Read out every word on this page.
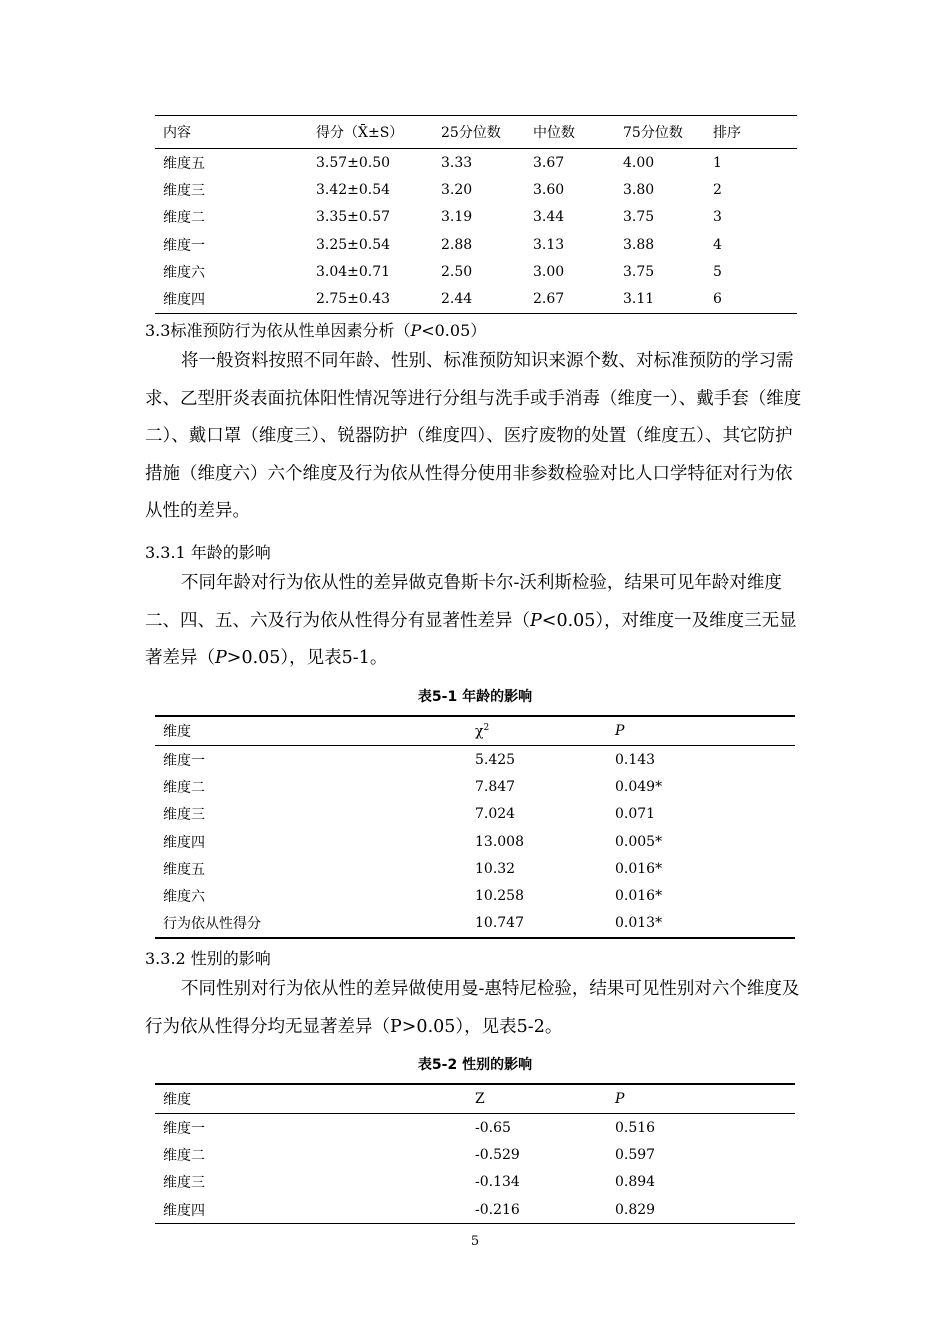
内容	得分（X̄±S）	25分位数	中位数	75分位数	排序
维度五	3.57±0.50	3.33	3.67	4.00	1
维度三	3.42±0.54	3.20	3.60	3.80	2
维度二	3.35±0.57	3.19	3.44	3.75	3
维度一	3.25±0.54	2.88	3.13	3.88	4
维度六	3.04±0.71	2.50	3.00	3.75	5
维度四	2.75±0.43	2.44	2.67	3.11	6

3.3标准预防行为依从性单因素分析（P<0.05）

将一般资料按照不同年龄、性别、标准预防知识来源个数、对标准预防的学习需求、乙型肝炎表面抗体阳性情况等进行分组与洗手或手消毒（维度一）、戴手套（维度二）、戴口罩（维度三）、锐器防护（维度四）、医疗废物的处置（维度五）、其它防护措施（维度六）六个维度及行为依从性得分使用非参数检验对比人口学特征对行为依从性的差异。

3.3.1 年龄的影响

不同年龄对行为依从性的差异做克鲁斯卡尔-沃利斯检验，结果可见年龄对维度二、四、五、六及行为依从性得分有显著性差异（P<0.05），对维度一及维度三无显著差异（P>0.05），见表5-1。

表5-1 年龄的影响

维度	$\chi^2$	P
维度一	5.425	0.143
维度二	7.847	0.049*
维度三	7.024	0.071
维度四	13.008	0.005*
维度五	10.32	0.016*
维度六	10.258	0.016*
行为依从性得分	10.747	0.013*

3.3.2 性别的影响

不同性别对行为依从性的差异做使用曼-惠特尼检验，结果可见性别对六个维度及行为依从性得分均无显著差异（P>0.05），见表5-2。

表5-2 性别的影响

维度	Z	P
维度一	-0.65	0.516
维度二	-0.529	0.597
维度三	-0.134	0.894
维度四	-0.216	0.829

5
